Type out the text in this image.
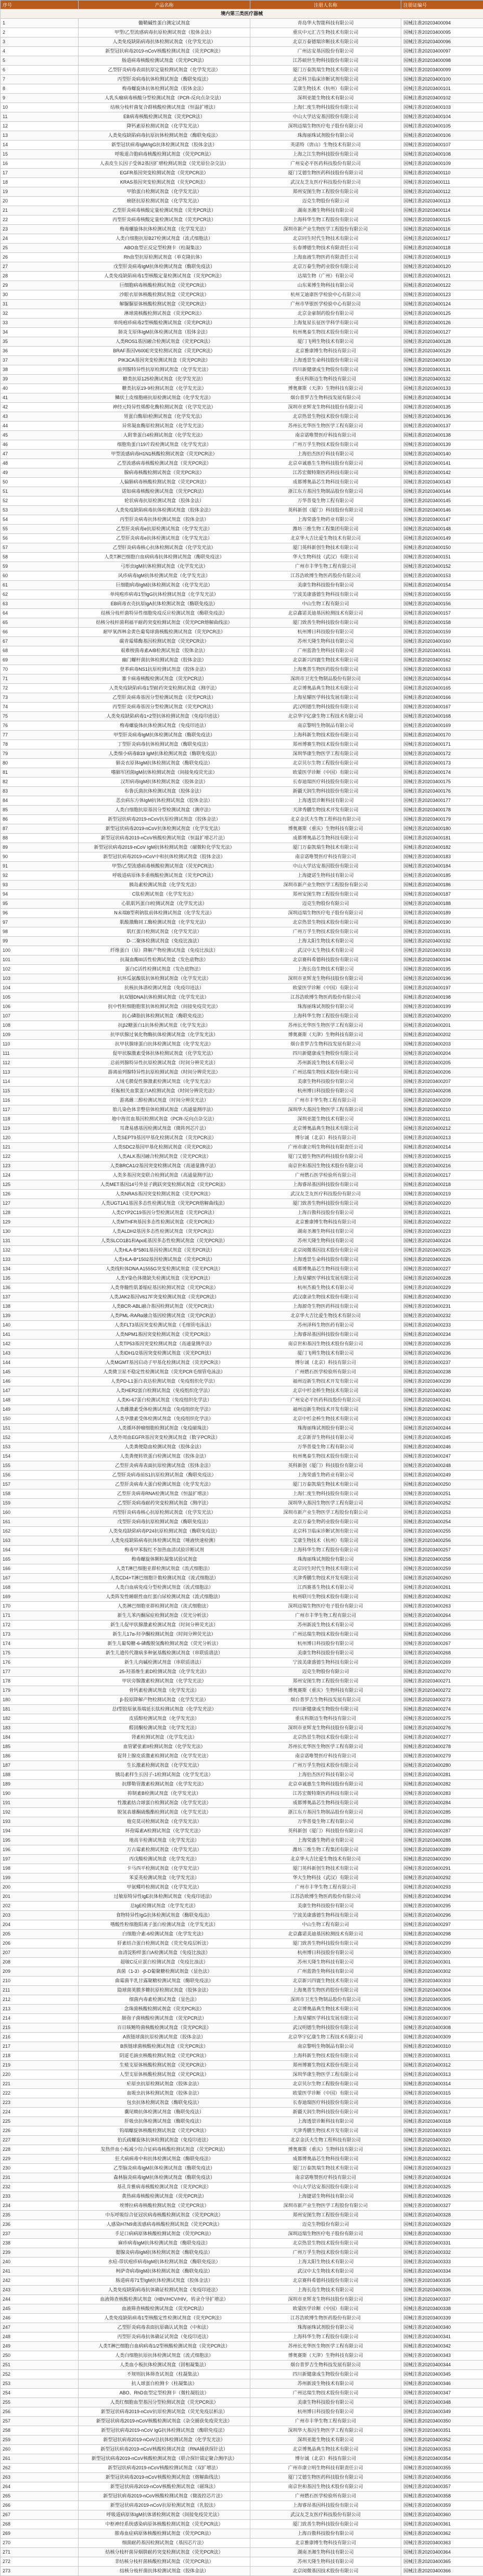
序号	产品名称	注册人名称	注册证编号
境内第三类医疗器械			
1	髓鞘碱性蛋白测定试剂盒	青岛华大智能科技有限公司	国械注准20203400094
2	甲型/乙型流感病毒抗原检测试剂盒（胶体金法）	重庆中元汇吉生物技术有限公司	国械注准20203400095
3	人类免疫缺陷病毒抗体检测试剂盒（化学发光法）	北京万泰德瑞诊断技术有限公司	国械注准20203400096
4	新型冠状病毒2019-nCoV核酸检测试剂盒（荧光PCR法）	广州达安基因股份有限公司	国械注准20203400097
5	肠道病毒核酸检测试剂盒（荧光PCR法）	江苏硕世生物科技股份有限公司	国械注准20203400098
6	乙型肝炎病毒表面抗原定量检测试剂盒（化学发光法）	厦门万泰凯瑞生物技术有限公司	国械注准20203400099
7	丙型肝炎病毒抗体检测试剂盒（酶联免疫法）	北京科卫临床诊断试剂有限公司	国械注准20203400100
8	梅毒螺旋体抗体检测试剂盒（胶体金法）	艾康生物技术（杭州）有限公司	国械注准20203400101
9	人乳头瘤病毒核酸分型检测试剂盒（PCR-反向点杂交法）	深圳亚能生物技术有限公司	国械注准20203400102
10	结核分枝杆菌复合群核酸检测试剂盒（恒温扩增法）	上海仁度生物科技股份有限公司	国械注准20203400103
11	EB病毒核酸检测试剂盒（荧光PCR法）	中山大学达安基因股份有限公司	国械注准20203400104
12	降钙素原检测试剂盒（化学发光法）	深圳迈瑞生物医疗电子股份有限公司	国械注准20203400105
13	人类免疫缺陷病毒抗原抗体检测试剂盒（酶联免疫法）	珠海丽珠试剂股份有限公司	国械注准20203400106
14	新型冠状病毒IgM/IgG抗体检测试剂盒（胶体金法）	英诺特（唐山）生物技术有限公司	国械注准20203400107
15	呼吸道合胞病毒核酸检测试剂盒（荧光PCR法）	上海之江生物科技股份有限公司	国械注准20203400108
16	人表皮生长因子受体2基因扩增检测试剂盒（荧光原位杂交法）	广州安必平医药科技股份有限公司	国械注准20203400109
17	EGFR基因突变检测试剂盒（荧光PCR法）	厦门艾德生物医药科技股份有限公司	国械注准20203400110
18	KRAS基因突变检测试剂盒（荧光PCR法）	武汉友芝友医疗科技股份有限公司	国械注准20203400111
19	甲胎蛋白检测试剂盒（化学发光法）	郑州安图生物工程股份有限公司	国械注准20203400112
20	癌胚抗原检测试剂盒（化学发光法）	迈克生物股份有限公司	国械注准20203400113
21	乙型肝炎病毒核酸定量检测试剂盒（荧光PCR法）	湖南圣湘生物科技有限公司	国械注准20203400114
22	丙型肝炎病毒核酸定量检测试剂盒（荧光PCR法）	上海科华生物工程股份有限公司	国械注准20203400115
23	梅毒螺旋体抗体检测试剂盒（化学发光法）	深圳市新产业生物医学工程股份有限公司	国械注准20203400116
24	人类白细胞抗原B27检测试剂盒（流式细胞法）	北京同生时代生物技术有限公司	国械注准20203400117
25	ABO血型正反定型检测卡（柱凝集法）	长春博德生物技术有限责任公司	国械注准20203400118
26	Rh血型抗原检测试剂盒（单克隆抗体）	上海血液生物医药有限责任公司	国械注准20203400119
27	戊型肝炎病毒IgM抗体检测试剂盒（酶联免疫法）	北京万泰生物药业股份有限公司	国械注准20203400120
28	人类免疫缺陷病毒1型核酸定量检测试剂盒（荧光PCR法）	达瑞生物（广州）有限公司	国械注准20203400121
29	巨细胞病毒核酸检测试剂盒（荧光PCR法）	山东莱博生物科技有限公司	国械注准20203400122
30	沙眼衣原体核酸检测试剂盒（荧光PCR法）	杭州艾迪康医学检验中心有限公司	国械注准20203400123
31	解脲脲原体核酸检测试剂盒（荧光PCR法）	广州市华银医学检验中心有限公司	国械注准20203400124
32	淋球菌核酸检测试剂盒（荧光PCR法）	北京金豪制药股份有限公司	国械注准20203400125
33	单纯疱疹病毒2型核酸检测试剂盒（荧光PCR法）	上海复星长征医学科学有限公司	国械注准20203400126
34	肺炎支原体IgM抗体检测试剂盒（胶体金法）	杭州奥泰生物技术股份有限公司	国械注准20203400127
35	人类ROS1基因融合检测试剂盒（荧光PCR法）	厦门飞朔生物技术有限公司	国械注准20203400128
36	BRAF基因V600E突变检测试剂盒（荧光PCR法）	北京雅康博生物科技有限公司	国械注准20203400129
37	PIK3CA基因突变检测试剂盒（荧光PCR法）	上海透景生命科技股份有限公司	国械注准20203400130
38	前列腺特异性抗原检测试剂盒（化学发光法）	四川新健康成生物股份有限公司	国械注准20203400131
39	糖类抗原125检测试剂盒（化学发光法）	重庆科斯迈生物科技有限公司	国械注准20203400132
40	糖类抗原19-9检测试剂盒（化学发光法）	博奥赛斯（天津）生物科技有限公司	国械注准20203400133
41	鳞状上皮细胞癌抗原检测试剂盒（化学发光法）	烟台普罗吉生物科技发展有限公司	国械注准20203400134
42	神经元特异性烯醇化酶检测试剂盒（化学发光法）	深圳市亚辉龙生物科技股份有限公司	国械注准20203400135
43	胃蛋白酶原I检测试剂盒（化学发光法）	北京热景生物技术股份有限公司	国械注准20203400136
44	异常凝血酶原检测试剂盒（化学发光法）	苏州长光华医生物医学工程有限公司	国械注准20203400137
45	人附睾蛋白4检测试剂盒（化学发光法）	南京诺唯赞医疗科技有限公司	国械注准20203400138
46	细胞角蛋白19片段检测试剂盒（化学发光法）	广州万孚生物技术股份有限公司	国械注准20203400139
47	甲型流感病毒H1N1核酸检测试剂盒（荧光PCR法）	上海伯杰医疗科技有限公司	国械注准20203400140
48	乙型流感病毒核酸检测试剂盒（荧光PCR法）	北京卓诚惠生生物科技股份有限公司	国械注准20203400141
49	腺病毒核酸检测试剂盒（荧光PCR法）	江苏宏微特斯医药科技有限公司	国械注准20203400142
50	人偏肺病毒核酸检测试剂盒（荧光PCR法）	成都博奥晶芯生物科技有限公司	国械注准20203400143
51	诺如病毒核酸检测试剂盒（荧光PCR法）	浙江东方基因生物制品股份有限公司	国械注准20203400144
52	轮状病毒抗原检测试剂盒（胶体金法）	万华普曼生物工程有限公司	国械注准20203400145
53	人类免疫缺陷病毒抗体检测试剂盒（胶体金法）	英科新创（厦门）科技股份有限公司	国械注准20203400146
54	丙型肝炎病毒抗体检测试剂盒（胶体金法）	上海荣盛生物药业有限公司	国械注准20203400147
55	乙型肝炎病毒e抗原检测试剂盒（化学发光法）	潍坊三维生物工程集团有限公司	国械注准20203400148
56	乙型肝炎病毒e抗体检测试剂盒（化学发光法）	北京华大吉比爱生物技术有限公司	国械注准20203400149
57	乙型肝炎病毒核心抗体检测试剂盒（化学发光法）	厦门英科新创生物技术有限公司	国械注准20203400150
58	人类T淋巴细胞白血病病毒抗体检测试剂盒（酶联免疫法）	华大生物科技（武汉）有限公司	国械注准20203400151
59	弓形虫IgM抗体检测试剂盒（化学发光法）	广州市丰华生物工程有限公司	国械注准20203400152
60	风疹病毒IgM抗体检测试剂盒（化学发光法）	江苏浩欧博生物医药股份有限公司	国械注准20203400153
61	巨细胞病毒IgM抗体检测试剂盒（化学发光法）	美康生物科技股份有限公司	国械注准20203400154
62	单纯疱疹病毒1型IgG抗体检测试剂盒（化学发光法）	宁波美康盛德生物科技有限公司	国械注准20203400155
63	EB病毒衣壳抗原IgA抗体检测试剂盒（酶联免疫法）	中山生物工程有限公司	国械注准20203400156
64	结核分枝杆菌特异性细胞免疫反应检测试剂盒（酶联免疫法）	北京鑫诺美迪基因检测技术有限公司	国械注准20203400157
65	结核分枝杆菌利福平耐药突变检测试剂盒（荧光PCR熔解曲线法）	厦门致善生物科技股份有限公司	国械注准20203400158
66	耐甲氧西林金黄色葡萄球菌核酸检测试剂盒（荧光PCR法）	杭州博日科技股份有限公司	国械注准20203400159
67	碳青霉烯酶基因检测试剂盒（荧光PCR法）	苏州天隆生物科技有限公司	国械注准20203400160
68	艰难梭菌毒素A/B检测试剂盒（胶体金法）	广州蓝勃生物科技有限公司	国械注准20203400161
69	幽门螺杆菌抗体检测试剂盒（胶体金法）	北京新兴四寰生物技术有限公司	国械注准20203400162
70	登革病毒NS1抗原检测试剂盒（胶体金法）	上海奥普生物医药股份有限公司	国械注准20203400163
71	寨卡病毒核酸检测试剂盒（荧光PCR法）	深圳市卫光生物制品股份有限公司	国械注准20203400164
72	人类免疫缺陷病毒1型耐药突变检测试剂盒（测序法）	北京博奥晶典生物技术有限公司	国械注准20203400165
73	乙型肝炎病毒基因分型检测试剂盒（荧光PCR法）	上海星耀医学科技发展有限公司	国械注准20203400166
74	丙型肝炎病毒基因分型检测试剂盒（荧光PCR法）	武汉明德生物科技股份有限公司	国械注准20203400167
75	人类免疫缺陷病毒1+2型抗体检测试剂盒（免疫印迹法）	北京华宇亿康生物工程技术有限公司	国械注准20203400168
76	梅毒螺旋体抗体检测试剂盒（免疫印迹法）	南京黎明生物制品有限公司	国械注准20203400169
77	甲型肝炎病毒IgM抗体检测试剂盒（酶联免疫法）	上海科新生物技术股份有限公司	国械注准20203400170
78	丁型肝炎病毒抗体检测试剂盒（酶联免疫法）	郑州博赛生物技术股份有限公司	国械注准20203400171
79	人类细小病毒B19 IgM抗体检测试剂盒（酶联免疫法）	深圳华康生物医学工程有限公司	国械注准20203400172
80	肺炎衣原体IgM抗体检测试剂盒（酶联免疫法）	北京贝尔生物工程股份有限公司	国械注准20203400173
81	嗜肺军团菌IgM抗体检测试剂盒（间接免疫荧光法）	欧蒙医学诊断（中国）有限公司	国械注准20203400174
82	汉坦病毒IgM抗体检测试剂盒（胶体金法）	长春迪瑞医疗科技股份有限公司	国械注准20203400175
83	布鲁氏菌抗体检测试剂盒（胶体金法）	新疆天润生物科技股份有限公司	国械注准20203400176
84	恙虫病东方体IgM抗体检测试剂盒（胶体金法）	上海透景诊断科技有限公司	国械注准20203400177
85	人类白细胞抗原基因分型检测试剂盒（测序法）	天津秀鹏生物技术开发有限公司	国械注准20203400178
86	新型冠状病毒2019-nCoV抗原检测试剂盒（胶体金法）	北京金沃夫生物工程科技有限公司	国械注准20203400179
87	新型冠状病毒2019-nCoV抗体检测试剂盒（化学发光法）	博奥赛斯（重庆）生物科技有限公司	国械注准20203400180
88	新型冠状病毒2019-nCoV核酸检测试剂盒（恒温扩增芯片法）	成都博奥晶芯生物科技有限公司	国械注准20203400181
89	新型冠状病毒2019-nCoV IgM抗体检测试剂盒（磁微粒化学发光法）	厦门万泰凯瑞生物技术有限公司	国械注准20203400182
90	新型冠状病毒2019-nCoV中和抗体检测试剂盒（胶体金法）	南京诺唯赞医疗科技有限公司	国械注准20203400183
91	甲型/乙型流感病毒核酸检测试剂盒（荧光PCR法）	中山大学达安基因股份有限公司	国械注准20203400184
92	呼吸道病原体多重核酸检测试剂盒（荧光PCR法）	上海捷诺生物科技有限公司	国械注准20203400185
93	胰岛素检测试剂盒（化学发光法）	深圳市新产业生物医学工程股份有限公司	国械注准20203400186
94	C肽检测试剂盒（化学发光法）	郑州安图生物工程股份有限公司	国械注准20203400187
95	心肌肌钙蛋白I检测试剂盒（化学发光法）	迈克生物股份有限公司	国械注准20203400188
96	N末端B型利钠肽前体检测试剂盒（化学发光法）	深圳迈瑞生物医疗电子股份有限公司	国械注准20203400189
97	肌酸激酶同工酶检测试剂盒（化学发光法）	北京热景生物技术股份有限公司	国械注准20203400190
98	肌红蛋白检测试剂盒（化学发光法）	广州万孚生物技术股份有限公司	国械注准20203400191
99	D-二聚体检测试剂盒（免疫比浊法）	上海太阳生物技术有限公司	国械注准20203400192
100	纤维蛋白（原）降解产物检测试剂盒（免疫比浊法）	武汉中太生物技术有限公司	国械注准20203400193
101	抗凝血酶III活性检测试剂盒（发色底物法）	北京赛科希德科技股份有限公司	国械注准20203400194
102	蛋白C活性检测试剂盒（发色底物法）	上海长岛生物技术有限公司	国械注准20203400195
103	抗环瓜氨酸肽抗体检测试剂盒（化学发光法）	深圳市亚辉龙生物科技股份有限公司	国械注准20203400196
104	抗核抗体谱检测试剂盒（免疫印迹法）	欧蒙医学诊断（中国）有限公司	国械注准20203400197
105	抗双链DNA抗体检测试剂盒（化学发光法）	江苏浩欧博生物医药股份有限公司	国械注准20203400198
106	抗中性粒细胞胞浆抗体检测试剂盒（间接免疫荧光法）	珠海丽珠试剂股份有限公司	国械注准20203400199
107	抗心磷脂抗体检测试剂盒（酶联免疫法）	上海科华生物工程股份有限公司	国械注准20203400200
108	抗β2糖蛋白1抗体检测试剂盒（化学发光法）	苏州长光华医生物医学工程有限公司	国械注准20203400201
109	抗甲状腺过氧化物酶抗体检测试剂盒（化学发光法）	博奥赛斯（天津）生物科技有限公司	国械注准20203400202
110	抗甲状腺球蛋白抗体检测试剂盒（化学发光法）	烟台普罗吉生物科技发展有限公司	国械注准20203400203
111	促甲状腺激素受体抗体检测试剂盒（化学发光法）	四川新健康成生物股份有限公司	国械注准20203400204
112	总前列腺特异性抗原检测试剂盒（时间分辨荧光法）	苏州新波生物技术有限公司	国械注准20203400205
113	游离前列腺特异性抗原检测试剂盒（时间分辨荧光法）	广州达瑞生物技术股份有限公司	国械注准20203400206
114	人绒毛膜促性腺激素检测试剂盒（化学发光法）	美康生物科技股份有限公司	国械注准20203400207
115	妊娠相关血浆蛋白A检测试剂盒（时间分辨荧光法）	杭州博日科技股份有限公司	国械注准20203400208
116	游离雌三醇检测试剂盒（时间分辨荧光法）	广州市丰华生物工程有限公司	国械注准20203400209
117	胎儿染色体非整倍体检测试剂盒（高通量测序法）	深圳华大基因生物医学工程有限公司	国械注准20203400210
118	地中海贫血基因检测试剂盒（PCR-反向点杂交法）	深圳亚能生物技术有限公司	国械注准20203400211
119	耳聋易感基因检测试剂盒（微阵列芯片法）	北京博奥晶典生物技术有限公司	国械注准20203400212
120	人类SEPT9基因甲基化检测试剂盒（荧光PCR法）	博尔诚（北京）科技有限公司	国械注准20203400213
121	人类SDC2基因甲基化检测试剂盒（荧光PCR法）	广州市康立明生物科技有限责任公司	国械注准20203400214
122	人类ALK基因融合检测试剂盒（荧光PCR法）	厦门艾德生物医药科技股份有限公司	国械注准20203400215
123	人类BRCA1/2基因突变检测试剂盒（高通量测序法）	南京世和基因生物技术股份有限公司	国械注准20203400216
124	人类多基因突变联合检测试剂盒（高通量测序法）	广州燃石医学检验所有限公司	国械注准20203400217
125	人类MET基因14号外显子跳跃突变检测试剂盒（荧光PCR法）	上海睿昂基因科技股份有限公司	国械注准20203400218
126	人类NRAS基因突变检测试剂盒（荧光PCR法）	武汉友芝友医疗科技股份有限公司	国械注准20203400219
127	人类UGT1A1基因多态性检测试剂盒（荧光PCR熔解曲线法）	厦门致善生物科技股份有限公司	国械注准20203400220
128	人类CYP2C19基因分型检测试剂盒（荧光PCR法）	上海百傲科技股份有限公司	国械注准20203400221
129	人类MTHFR基因多态性检测试剂盒（荧光PCR法）	北京雅康博生物科技有限公司	国械注准20203400222
130	人类ALDH2基因多态性检测试剂盒（荧光PCR法）	湖南圣湘生物科技有限公司	国械注准20203400223
131	人类SLCO1B1和ApoE基因多态性检测试剂盒（荧光PCR法）	苏州天隆生物科技有限公司	国械注准20203400224
132	人类HLA-B*5801基因检测试剂盒（荧光PCR法）	北京阅微基因技术股份有限公司	国械注准20203400225
133	人类HLA-B*1502基因检测试剂盒（荧光PCR法）	上海透景生命科技股份有限公司	国械注准20203400226
134	人类线粒体DNA A1555G突变检测试剂盒（荧光PCR法）	成都博奥晶芯生物科技有限公司	国械注准20203400227
135	人类Y染色体微缺失检测试剂盒（荧光PCR法）	上海星耀医学科技发展有限公司	国械注准20203400228
136	人类脊髓性肌萎缩症基因检测试剂盒（荧光PCR法）	杭州杰毅生物技术有限公司	国械注准20203400229
137	人类JAK2基因V617F突变检测试剂盒（荧光PCR法）	武汉康录生物技术股份有限公司	国械注准20203400230
138	人类BCR-ABL融合基因检测试剂盒（荧光PCR法）	上海源奇生物医药科技有限公司	国械注准20203400231
139	人类PML-RARα融合基因检测试剂盒（荧光PCR法）	北京华大吉比爱生物技术有限公司	国械注准20203400232
140	人类FLT3基因突变检测试剂盒（毛细管电泳法）	苏州泽科生物医药有限公司	国械注准20203400233
141	人类NPM1基因突变检测试剂盒（荧光PCR法）	上海睿昂基因科技股份有限公司	国械注准20203400234
142	人类TP53基因突变检测试剂盒（高通量测序法）	南京世和基因生物技术股份有限公司	国械注准20203400235
143	人类IDH1/2基因突变检测试剂盒（荧光PCR法）	厦门飞朔生物技术有限公司	国械注准20203400236
144	人类MGMT基因启动子甲基化检测试剂盒（荧光PCR法）	博尔诚（北京）科技有限公司	国械注准20203400237
145	人类微卫星不稳定性检测试剂盒（荧光PCR毛细管电泳法）	广州燃石医学检验所有限公司	国械注准20203400238
146	人类PD-L1蛋白表达检测试剂盒（免疫组织化学法）	福州迈新生物技术开发有限公司	国械注准20203400239
147	人类HER2蛋白检测试剂盒（免疫组织化学法）	北京中杉金桥生物技术有限公司	国械注准20203400240
148	人类Ki-67蛋白检测试剂盒（免疫组织化学法）	广州安必平医药科技股份有限公司	国械注准20203400241
149	人类雌激素受体检测试剂盒（免疫组织化学法）	福州迈新生物技术开发有限公司	国械注准20203400242
150	人类孕激素受体检测试剂盒（免疫组织化学法）	北京中杉金桥生物技术有限公司	国械注准20203400243
151	人类循环肿瘤细胞检测试剂盒（免疫磁珠法）	珠海丽珠试剂股份有限公司	国械注准20203400244
152	人类外周血EGFR基因突变检测试剂盒（数字PCR法）	北京新羿生物科技有限公司	国械注准20203400245
153	人类粪便隐血检测试剂盒（胶体金法）	万华普曼生物工程有限公司	国械注准20203400246
154	人类粪便转铁蛋白检测试剂盒（胶体金法）	杭州奥泰生物技术股份有限公司	国械注准20203400247
155	乙型肝炎病毒表面抗原检测试剂盒（胶体金法）	英科新创（厦门）科技股份有限公司	国械注准20203400248
156	乙型肝炎病毒前S1抗原检测试剂盒（酶联免疫法）	上海荣盛生物药业有限公司	国械注准20203400249
157	乙型肝炎病毒大蛋白检测试剂盒（化学发光法）	厦门万泰凯瑞生物技术有限公司	国械注准20203400250
158	乙型肝炎病毒RNA检测试剂盒（恒温扩增法）	上海仁度生物科技股份有限公司	国械注准20203400251
159	乙型肝炎病毒耐药突变检测试剂盒（测序法）	深圳华大基因生物医学工程有限公司	国械注准20203400252
160	丙型肝炎病毒核心抗原检测试剂盒（化学发光法）	深圳市新产业生物医学工程股份有限公司	国械注准20203400253
161	戊型肝炎病毒抗原检测试剂盒（酶联免疫法）	北京万泰生物药业股份有限公司	国械注准20203400254
162	人类免疫缺陷病毒P24抗原检测试剂盒（酶联免疫法）	北京科卫临床诊断试剂有限公司	国械注准20203400255
163	人类免疫缺陷病毒抗体检测试剂盒（唾液快速检测）	艾康生物技术（杭州）有限公司	国械注准20203400256
164	梅毒甲苯胺红不加热血清试验诊断试剂	上海科华生物工程股份有限公司	国械注准20203400257
165	梅毒螺旋体颗粒凝集试验试剂盒	珠海丽珠试剂股份有限公司	国械注准20203400258
166	人类T淋巴细胞亚群检测试剂盒（流式细胞法）	北京同生时代生物技术有限公司	国械注准20203400259
167	人类CD4+T淋巴细胞计数检测试剂盒（流式细胞法）	天津秀鹏生物技术开发有限公司	国械注准20203400260
168	人类白血病免疫分型检测试剂盒（流式细胞法）	江西赛基生物技术有限公司	国械注准20203400261
169	人类阵发性睡眠性血红蛋白尿检测试剂盒（流式细胞法）	杭州联川生物技术股份有限公司	国械注准20203400262
170	人类淋巴细胞亚群检测试剂盒（流式细胞法）	深圳迈瑞生物医疗电子股份有限公司	国械注准20203400263
171	新生儿苯丙酮尿症检测试剂盒（荧光分析法）	广州市丰华生物工程有限公司	国械注准20203400264
172	新生儿促甲状腺激素检测试剂盒（时间分辨荧光法）	苏州新波生物技术有限公司	国械注准20203400265
173	新生儿17α-羟孕酮检测试剂盒（时间分辨荧光法）	广州达瑞生物技术股份有限公司	国械注准20203400266
174	新生儿葡萄糖-6-磷酸脱氢酶检测试剂盒（荧光分析法）	杭州博日科技股份有限公司	国械注准20203400267
175	新生儿遗传代谢病多种氨基酸检测试剂盒（串联质谱法）	美康生物科技股份有限公司	国械注准20203400268
176	新生儿肉碱检测试剂盒（串联质谱法）	宁波美康盛德生物科技有限公司	国械注准20203400269
177	25-羟基维生素D检测试剂盒（化学发光法）	迈克生物股份有限公司	国械注准20203400270
178	甲状旁腺激素检测试剂盒（化学发光法）	郑州安图生物工程股份有限公司	国械注准20203400271
179	骨钙素检测试剂盒（化学发光法）	博奥赛斯（重庆）生物科技有限公司	国械注准20203400272
180	β-胶原降解产物检测试剂盒（化学发光法）	烟台普罗吉生物科技发展有限公司	国械注准20203400273
181	总I型胶原氨基端延长肽检测试剂盒（化学发光法）	四川新健康成生物股份有限公司	国械注准20203400274
182	皮质醇检测试剂盒（化学发光法）	重庆科斯迈生物科技有限公司	国械注准20203400275
183	醛固酮检测试剂盒（化学发光法）	深圳市亚辉龙生物科技股份有限公司	国械注准20203400276
184	肾素检测试剂盒（化学发光法）	北京热景生物技术股份有限公司	国械注准20203400277
185	血管紧张素II检测试剂盒（化学发光法）	苏州长光华医生物医学工程有限公司	国械注准20203400278
186	促肾上腺皮质激素检测试剂盒（化学发光法）	南京诺唯赞医疗科技有限公司	国械注准20203400279
187	生长激素检测试剂盒（化学发光法）	广州万孚生物技术股份有限公司	国械注准20203400280
188	胰岛素样生长因子-1检测试剂盒（化学发光法）	上海伯杰医疗科技有限公司	国械注准20203400281
189	抗缪勒管激素检测试剂盒（化学发光法）	北京卓诚惠生生物科技股份有限公司	国械注准20203400282
190	抑制素B检测试剂盒（化学发光法）	江苏宏微特斯医药科技有限公司	国械注准20203400283
191	性激素结合球蛋白检测试剂盒（化学发光法）	成都博奥晶芯生物科技有限公司	国械注准20203400284
192	脱氢表雄酮硫酸酯检测试剂盒（化学发光法）	浙江东方基因生物制品股份有限公司	国械注准20203400285
193	他克莫司检测试剂盒（化学发光法）	万华普曼生物工程有限公司	国械注准20203400286
194	环孢霉素A检测试剂盒（化学发光法）	英科新创（厦门）科技股份有限公司	国械注准20203400287
195	地高辛检测试剂盒（化学发光法）	上海荣盛生物药业有限公司	国械注准20203400288
196	万古霉素检测试剂盒（化学发光法）	潍坊三维生物工程集团有限公司	国械注准20203400289
197	丙戊酸检测试剂盒（化学发光法）	北京华大吉比爱生物技术有限公司	国械注准20203400290
198	卡马西平检测试剂盒（化学发光法）	厦门英科新创生物技术有限公司	国械注准20203400291
199	苯妥英检测试剂盒（化学发光法）	华大生物科技（武汉）有限公司	国械注准20203400292
200	甲氨蝶呤检测试剂盒（化学发光法）	广州市丰华生物工程有限公司	国械注准20203400293
201	过敏原特异性IgE抗体检测试剂盒（免疫印迹法）	江苏浩欧博生物医药股份有限公司	国械注准20203400294
202	总IgE检测试剂盒（化学发光法）	美康生物科技股份有限公司	国械注准20203400295
203	食物特异性IgG抗体检测试剂盒（酶联免疫法）	宁波美康盛德生物科技有限公司	国械注准20203400296
204	嗜酸性粒细胞阳离子蛋白检测试剂盒（化学发光法）	中山生物工程有限公司	国械注准20203400297
205	白细胞介素-6检测试剂盒（化学发光法）	北京鑫诺美迪基因检测技术有限公司	国械注准20203400298
206	肝素结合蛋白检测试剂盒（荧光免疫层析法）	厦门致善生物科技股份有限公司	国械注准20203400299
207	血清淀粉样蛋白A检测试剂盒（免疫比浊法）	杭州博日科技股份有限公司	国械注准20203400300
208	超敏C反应蛋白检测试剂盒（免疫比浊法）	苏州天隆生物科技有限公司	国械注准20203400301
209	真菌（1-3）-β-D葡聚糖检测试剂盒（显色法）	广州蓝勃生物科技有限公司	国械注准20203400302
210	曲霉菌半乳甘露聚糖检测试剂盒（酶联免疫法）	北京新兴四寰生物技术有限公司	国械注准20203400303
211	隐球菌荚膜多糖抗原检测试剂盒（胶体金法）	上海奥普生物医药股份有限公司	国械注准20203400304
212	细菌内毒素检测试剂盒（显色法）	深圳市卫光生物制品股份有限公司	国械注准20203400305
213	念珠菌核酸检测试剂盒（荧光PCR法）	北京博奥晶典生物技术有限公司	国械注准20203400306
214	肺孢子菌核酸检测试剂盒（荧光PCR法）	上海星耀医学科技发展有限公司	国械注准20203400307
215	百日咳鲍特菌核酸检测试剂盒（荧光PCR法）	武汉明德生物科技股份有限公司	国械注准20203400308
216	A族链球菌抗原检测试剂盒（胶体金法）	北京华宇亿康生物工程技术有限公司	国械注准20203400309
217	B族链球菌核酸检测试剂盒（荧光PCR法）	南京黎明生物制品有限公司	国械注准20203400310
218	阴道毛滴虫核酸检测试剂盒（荧光PCR法）	上海科新生物技术股份有限公司	国械注准20203400311
219	生殖支原体核酸检测试剂盒（荧光PCR法）	郑州博赛生物技术股份有限公司	国械注准20203400312
220	人型支原体核酸检测试剂盒（荧光PCR法）	深圳华康生物医学工程有限公司	国械注准20203400313
221	疟原虫抗原检测试剂盒（胶体金法）	北京贝尔生物工程股份有限公司	国械注准20203400314
222	血吸虫抗体检测试剂盒（胶体金法）	欧蒙医学诊断（中国）有限公司	国械注准20203400315
223	包虫抗体检测试剂盒（酶联免疫法）	长春迪瑞医疗科技股份有限公司	国械注准20203400316
224	囊尾蚴抗体检测试剂盒（酶联免疫法）	新疆天润生物科技股份有限公司	国械注准20203400317
225	肝吸虫抗体检测试剂盒（酶联免疫法）	上海透景诊断科技有限公司	国械注准20203400318
226	钩端螺旋体核酸检测试剂盒（荧光PCR法）	天津秀鹏生物技术开发有限公司	国械注准20203400319
227	伯氏疏螺旋体抗体检测试剂盒（免疫印迹法）	北京金沃夫生物工程科技有限公司	国械注准20203400320
228	发热伴血小板减少综合征病毒核酸检测试剂盒（荧光PCR法）	博奥赛斯（重庆）生物科技有限公司	国械注准20203400321
229	狂犬病病毒中和抗体检测试剂盒（酶联免疫法）	成都博奥晶芯生物科技有限公司	国械注准20203400322
230	乙型脑炎病毒IgM抗体检测试剂盒（酶联免疫法）	厦门万泰凯瑞生物技术有限公司	国械注准20203400323
231	森林脑炎病毒IgM抗体检测试剂盒（酶联免疫法）	南京诺唯赞医疗科技有限公司	国械注准20203400324
232	基孔肯雅病毒核酸检测试剂盒（荧光PCR法）	中山大学达安基因股份有限公司	国械注准20203400325
233	黄热病毒核酸检测试剂盒（荧光PCR法）	上海捷诺生物科技有限公司	国械注准20203400326
234	埃博拉病毒核酸检测试剂盒（荧光PCR法）	深圳市新产业生物医学工程股份有限公司	国械注准20203400327
235	中东呼吸综合征冠状病毒核酸检测试剂盒（荧光PCR法）	郑州安图生物工程股份有限公司	国械注准20203400328
236	人感染H7N9禽流感病毒核酸检测试剂盒（荧光PCR法）	迈克生物股份有限公司	国械注准20203400329
237	手足口病病原体核酸检测试剂盒（荧光PCR法）	深圳迈瑞生物医疗电子股份有限公司	国械注准20203400330
238	麻疹病毒IgM抗体检测试剂盒（酶联免疫法）	北京热景生物技术股份有限公司	国械注准20203400331
239	腮腺炎病毒IgM抗体检测试剂盒（酶联免疫法）	广州万孚生物技术股份有限公司	国械注准20203400332
240	水痘-带状疱疹病毒IgM抗体检测试剂盒（酶联免疫法）	上海太阳生物技术有限公司	国械注准20203400333
241	柯萨奇病毒IgM抗体检测试剂盒（酶联免疫法）	武汉中太生物技术有限公司	国械注准20203400334
242	肠道病毒71型IgM抗体检测试剂盒（胶体金法）	北京赛科希德科技股份有限公司	国械注准20203400335
243	人类免疫缺陷病毒抗体确证检测试剂盒（免疫印迹法）	上海长岛生物技术有限公司	国械注准20203400336
244	血液筛查核酸检测试剂盒（HBV/HCV/HIV，转录介导扩增法）	深圳市亚辉龙生物科技股份有限公司	国械注准20203400337
245	血液筛查核酸检测试剂盒（荧光PCR法）	欧蒙医学诊断（中国）有限公司	国械注准20203400338
246	人类免疫缺陷病毒1型核酸定性检测试剂盒（荧光PCR法）	江苏浩欧博生物医药股份有限公司	国械注准20203400339
247	乙型肝炎病毒表面抗原确认试剂盒（中和法）	珠海丽珠试剂股份有限公司	国械注准20203400340
248	丙型肝炎病毒抗体确证试剂盒（免疫印迹法）	上海科华生物工程股份有限公司	国械注准20203400341
249	人类T淋巴细胞白血病病毒1/2型核酸检测试剂盒（荧光PCR法）	苏州长光华医生物医学工程有限公司	国械注准20203400342
250	人类白细胞抗原抗体检测试剂盒（流式细胞法）	博奥赛斯（天津）生物科技有限公司	国械注准20203400343
251	人类血小板抗体检测试剂盒（固相凝集法）	烟台普罗吉生物科技发展有限公司	国械注准20203400344
252	不规则抗体筛查试剂盒（柱凝集法）	四川新健康成生物股份有限公司	国械注准20203400345
253	抗人球蛋白检测卡（柱凝集法）	苏州新波生物技术有限公司	国械注准20203400346
254	ABO、RhD血型定型检测卡（微柱凝胶法）	广州达瑞生物技术股份有限公司	国械注准20203400347
255	人类红细胞血型基因分型检测试剂盒（荧光PCR法）	美康生物科技股份有限公司	国械注准20203400348
256	新型冠状病毒2019-nCoV抗原检测试剂盒（荧光免疫层析法）	杭州博日科技股份有限公司	国械注准20203400349
257	新型冠状病毒2019-nCoV核酸检测试剂盒（杂交捕获免疫荧光法）	广州市丰华生物工程有限公司	国械注准20203400350
258	新型冠状病毒2019-nCoV IgG抗体检测试剂盒（酶联免疫法）	深圳华大基因生物医学工程有限公司	国械注准20203400351
259	新型冠状病毒2019-nCoV总抗体检测试剂盒（化学发光法）	深圳亚能生物技术有限公司	国械注准20203400352
260	新型冠状病毒2019-nCoV核酸检测试剂盒（RNA捕获探针法）	北京博奥晶典生物技术有限公司	国械注准20203400353
261	新型冠状病毒2019-nCoV核酸检测试剂盒（联合探针锚定聚合测序法）	博尔诚（北京）科技有限公司	国械注准20203400354
262	新型冠状病毒2019-nCoV核酸检测试剂盒（双扩增法）	广州市康立明生物科技有限责任公司	国械注准20203400355
263	新型冠状病毒2019-nCoV核酸检测试剂盒（熔解曲线法）	厦门艾德生物医药科技股份有限公司	国械注准20203400356
264	新型冠状病毒2019-nCoV核酸检测试剂盒（磁珠法）	南京世和基因生物技术股份有限公司	国械注准20203400357
265	新型冠状病毒2019-nCoV核酸检测试剂盒（微流控芯片法）	广州燃石医学检验所有限公司	国械注准20203400358
266	新型冠状病毒2019-nCoV抗原检测试剂盒（乳胶法）	上海睿昂基因科技股份有限公司	国械注准20203400359
267	呼吸道病原体IgM抗体谱检测试剂盒（间接免疫荧光法）	武汉友芝友医疗科技股份有限公司	国械注准20203400360
268	中枢神经系统感染病原体核酸检测试剂盒（荧光PCR法）	厦门致善生物科技股份有限公司	国械注准20203400361
269	脓毒血症病原体核酸检测试剂盒（荧光PCR法）	上海百傲科技股份有限公司	国械注准20203400362
270	细菌耐药基因检测试剂盒（基因芯片法）	北京雅康博生物科技有限公司	国械注准20203400363
271	结核分枝杆菌异烟肼耐药突变检测试剂盒（荧光PCR法）	湖南圣湘生物科技有限公司	国械注准20203400364
272	非结核分枝杆菌核酸检测试剂盒（荧光PCR法）	苏州天隆生物科技有限公司	国械注准20203400365
273	结核分枝杆菌抗体检测试剂盒（胶体金法）	北京阅微基因技术股份有限公司	国械注准20203400366
